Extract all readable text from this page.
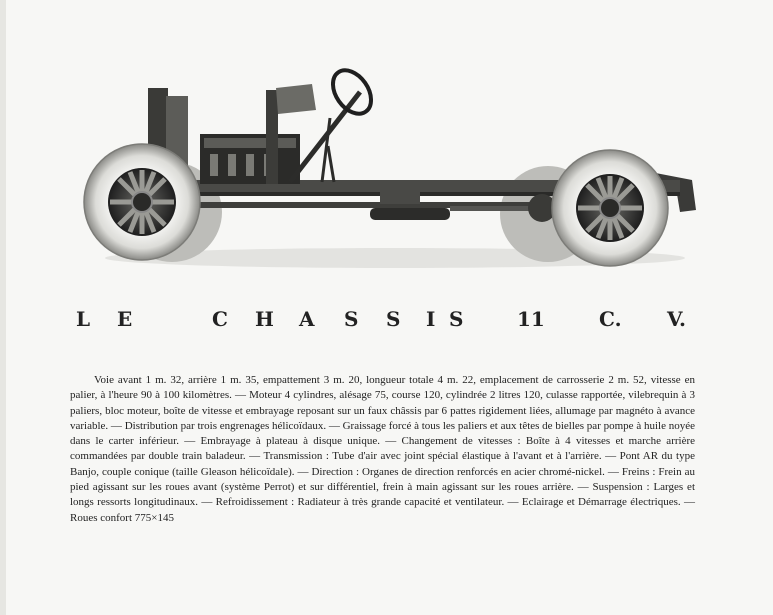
L E	C H A S S I S	11	C. V.

Voie avant 1 m. 32, arrière 1 m. 35, empattement 3 m. 20, longueur totale 4 m. 22, emplacement de carrosserie 2 m. 52, vitesse en palier, à l'heure 90 à 100 kilomètres. — Moteur 4 cylindres, alésage 75, course 120, cylindrée 2 litres 120, culasse rapportée, vilebrequin à 3 paliers, bloc moteur, boîte de vitesse et embrayage reposant sur un faux châssis par 6 pattes rigidement liées, allumage par magnéto à avance variable. — Distribution par trois engrenages hélicoïdaux. — Graissage forcé à tous les paliers et aux têtes de bielles par pompe à huile noyée dans le carter inférieur. — Embrayage à plateau à disque unique. — Changement de vitesses : Boîte à 4 vitesses et marche arrière commandées par double train baladeur. — Transmission : Tube d'air avec joint spécial élastique à l'avant et à l'arrière. — Pont AR du type Banjo, couple conique (taille Gleason hélicoïdale). — Direction : Organes de direction renforcés en acier chromé-nickel. — Freins : Frein au pied agissant sur les roues avant (système Perrot) et sur différentiel, frein à main agissant sur les roues arrière. — Suspension : Larges et longs ressorts longitudinaux. — Refroidissement : Radiateur à très grande capacité et ventilateur. — Eclairage et Démarrage électriques. — Roues confort 775×145
